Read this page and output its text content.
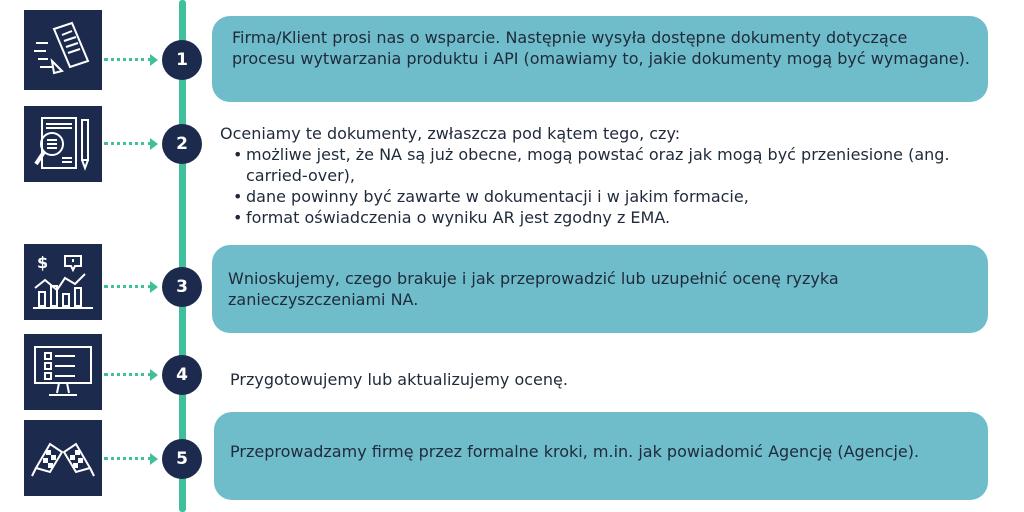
1
Firma/Klient prosi nas o wsparcie. Następnie wysyła dostępne dokumenty dotyczące procesu wytwarzania produktu i API (omawiamy to, jakie dokumenty mogą być wymagane).
2
Oceniamy te dokumenty, zwłaszcza pod kątem tego, czy:
• możliwe jest, że NA są już obecne, mogą powstać oraz jak mogą być przeniesione (ang. carried-over),
• dane powinny być zawarte w dokumentacji i w jakim formacie,
• format oświadczenia o wyniku AR jest zgodny z EMA.
$
3	Wnioskujemy, czego brakuje i jak przeprowadzić lub uzupełnić ocenę ryzyka zanieczyszczeniami NA.
4	Przygotowujemy lub aktualizujemy ocenę.
5	Przeprowadzamy firmę przez formalne kroki, m.in. jak powiadomić Agencję (Agencje).
